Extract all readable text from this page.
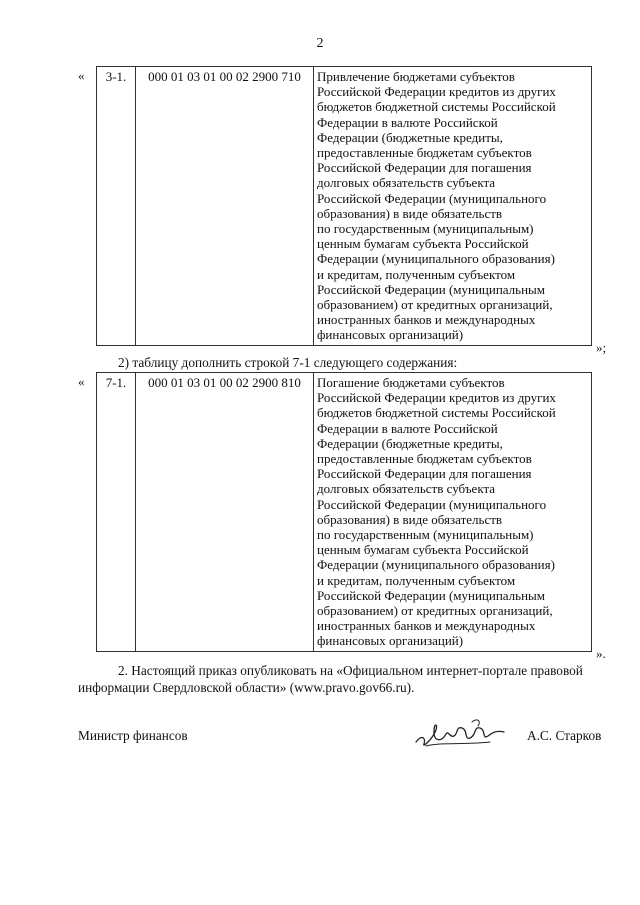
2
« 3-1.	000 01 03 01 00 02 2900 710	Привлечение бюджетами субъектов
Российской Федерации кредитов из других
бюджетов бюджетной системы Российской
Федерации в валюте Российской
Федерации (бюджетные кредиты,
предоставленные бюджетам субъектов
Российской Федерации для погашения
долговых обязательств субъекта
Российской Федерации (муниципального
образования) в виде обязательств
по государственным (муниципальным)
ценным бумагам субъекта Российской
Федерации (муниципального образования)
и кредитам, полученным субъектом
Российской Федерации (муниципальным
образованием) от кредитных организаций,
иностранных банков и международных
финансовых организаций)
»;
2) таблицу дополнить строкой 7-1 следующего содержания:
« 7-1.	000 01 03 01 00 02 2900 810	Погашение бюджетами субъектов
Российской Федерации кредитов из других
бюджетов бюджетной системы Российской
Федерации в валюте Российской
Федерации (бюджетные кредиты,
предоставленные бюджетам субъектов
Российской Федерации для погашения
долговых обязательств субъекта
Российской Федерации (муниципального
образования) в виде обязательств
по государственным (муниципальным)
ценным бумагам субъекта Российской
Федерации (муниципального образования)
и кредитам, полученным субъектом
Российской Федерации (муниципальным
образованием) от кредитных организаций,
иностранных банков и международных
финансовых организаций)
».
2. Настоящий приказ опубликовать на «Официальном интернет-портале правовой
информации Свердловской области» (www.pravo.gov66.ru).
Министр финансов	А.С. Старков
